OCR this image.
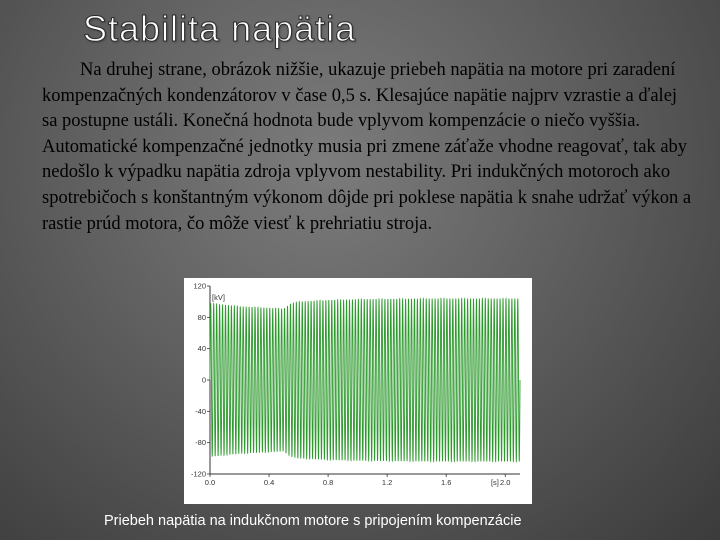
Stabilita napätia
Na druhej strane, obrázok nižšie, ukazuje priebeh napätia na motore pri zaradení kompenzačných kondenzátorov v čase 0,5 s. Klesajúce napätie najprv vzrastie a ďalej sa postupne ustáli. Konečná hodnota bude vplyvom kompenzácie o niečo vyššia. Automatické kompenzačné jednotky musia pri zmene záťaže vhodne reagovať, tak aby nedošlo k výpadku napätia zdroja vplyvom nestability. Pri indukčných motoroch ako spotrebičoch s konštantným výkonom dôjde pri poklese napätia k snahe udržať výkon a rastie prúd motora, čo môže viesť k prehriatiu stroja.
120
80
40
0
-40
-80
-120
0.0	0.4	0.8	1.2	1.6	2.0
[kV]
[s]
Priebeh napätia na indukčnom motore s pripojením kompenzácie
